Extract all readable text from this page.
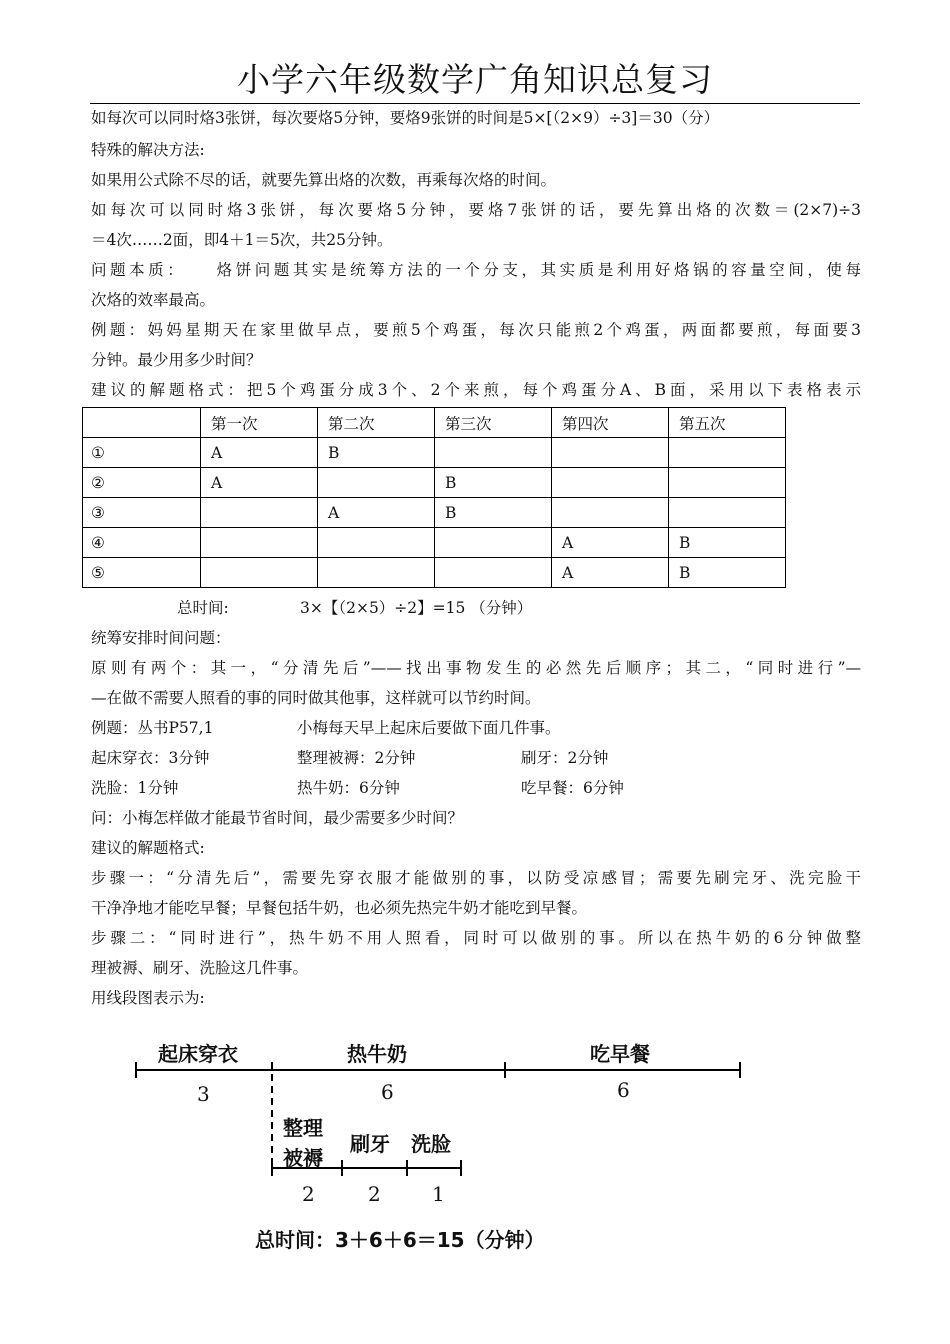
小学六年级数学广角知识总复习
如每次可以同时烙3张饼，每次要烙5分钟，要烙9张饼的时间是5×[（2×9）÷3]＝30（分）
特殊的解决方法:
如果用公式除不尽的话，就要先算出烙的次数，再乘每次烙的时间。
如每次可以同时烙3张饼，每次要烙5分钟，要烙7张饼的话，要先算出烙的次数＝(2×7)÷3
＝4次……2面，即4＋1＝5次，共25分钟。
问题本质：　　烙饼问题其实是统筹方法的一个分支，其实质是利用好烙锅的容量空间，使每
次烙的效率最高。
例题：妈妈星期天在家里做早点，要煎5个鸡蛋，每次只能煎2个鸡蛋，两面都要煎，每面要3
分钟。最少用多少时间？
建议的解题格式：把5个鸡蛋分成3个、2个来煎，每个鸡蛋分A、B面，采用以下表格表示
	第一次	第二次	第三次	第四次	第五次
①	A	B			
②	A		B		
③		A	B		
④				A	B
⑤				A	B
总时间:	3×【（2×5）÷2】=15 （分钟）
统筹安排时间问题：
原则有两个：其一，“分清先后”——找出事物发生的必然先后顺序；其二，“同时进行”—
—在做不需要人照看的事的同时做其他事，这样就可以节约时间。
例题：丛书P57,1	小梅每天早上起床后要做下面几件事。
起床穿衣：3分钟	整理被褥：2分钟	刷牙：2分钟
洗脸：1分钟	热牛奶：6分钟	吃早餐：6分钟
问：小梅怎样做才能最节省时间，最少需要多少时间？
建议的解题格式:
步骤一：“分清先后”，需要先穿衣服才能做别的事，以防受凉感冒；需要先刷完牙、洗完脸干
干净净地才能吃早餐；早餐包括牛奶，也必须先热完牛奶才能吃到早餐。
步骤二：“同时进行”，热牛奶不用人照看，同时可以做别的事。所以在热牛奶的6分钟做整
理被褥、刷牙、洗脸这几件事。
用线段图表示为:
起床穿衣	热牛奶	吃早餐
3	6	6
整理
被褥
刷牙 洗脸
2	2	1
总时间：3＋6＋6＝15（分钟）
